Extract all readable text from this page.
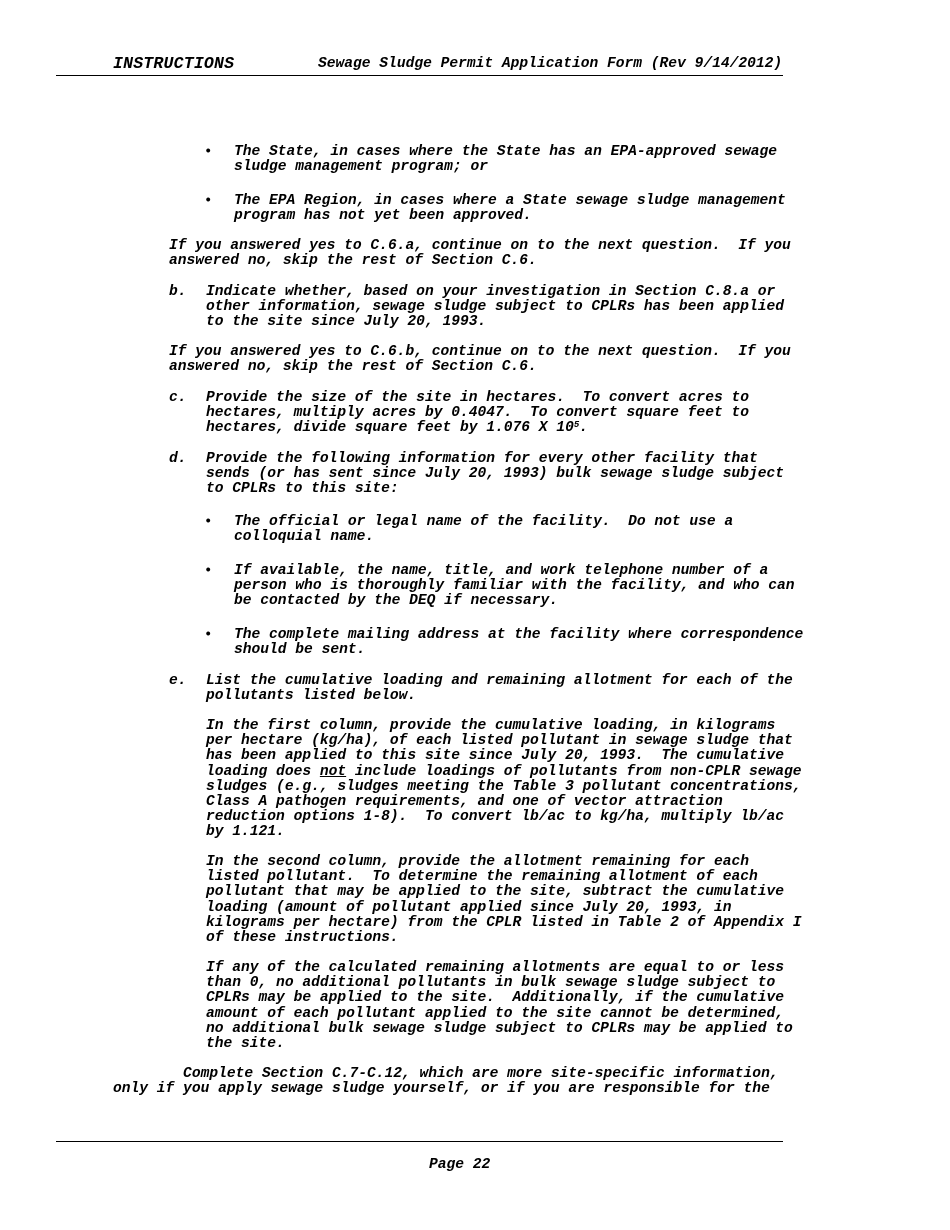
INSTRUCTIONS	Sewage Sludge Permit Application Form (Rev 9/14/2012)
• The State, in cases where the State has an EPA-approved sewage
sludge management program; or
• The EPA Region, in cases where a State sewage sludge management
program has not yet been approved.
If you answered yes to C.6.a, continue on to the next question.  If you
answered no, skip the rest of Section C.6.
b. Indicate whether, based on your investigation in Section C.8.a or
other information, sewage sludge subject to CPLRs has been applied
to the site since July 20, 1993.
If you answered yes to C.6.b, continue on to the next question.  If you
answered no, skip the rest of Section C.6.
c. Provide the size of the site in hectares.  To convert acres to
hectares, multiply acres by 0.4047.  To convert square feet to
hectares, divide square feet by 1.076 X $10^5$.
d. Provide the following information for every other facility that
sends (or has sent since July 20, 1993) bulk sewage sludge subject
to CPLRs to this site:
• The official or legal name of the facility.  Do not use a
colloquial name.
• If available, the name, title, and work telephone number of a
person who is thoroughly familiar with the facility, and who can
be contacted by the DEQ if necessary.
• The complete mailing address at the facility where correspondence
should be sent.
e. List the cumulative loading and remaining allotment for each of the
pollutants listed below.
In the first column, provide the cumulative loading, in kilograms
per hectare (kg/ha), of each listed pollutant in sewage sludge that
has been applied to this site since July 20, 1993.  The cumulative
loading does not include loadings of pollutants from non-CPLR sewage
sludges (e.g., sludges meeting the Table 3 pollutant concentrations,
Class A pathogen requirements, and one of vector attraction
reduction options 1-8).  To convert lb/ac to kg/ha, multiply lb/ac
by 1.121.
In the second column, provide the allotment remaining for each
listed pollutant.  To determine the remaining allotment of each
pollutant that may be applied to the site, subtract the cumulative
loading (amount of pollutant applied since July 20, 1993, in
kilograms per hectare) from the CPLR listed in Table 2 of Appendix I
of these instructions.
If any of the calculated remaining allotments are equal to or less
than 0, no additional pollutants in bulk sewage sludge subject to
CPLRs may be applied to the site.  Additionally, if the cumulative
amount of each pollutant applied to the site cannot be determined,
no additional bulk sewage sludge subject to CPLRs may be applied to
the site.
Complete Section C.7-C.12, which are more site-specific information,
only if you apply sewage sludge yourself, or if you are responsible for the
Page 22
